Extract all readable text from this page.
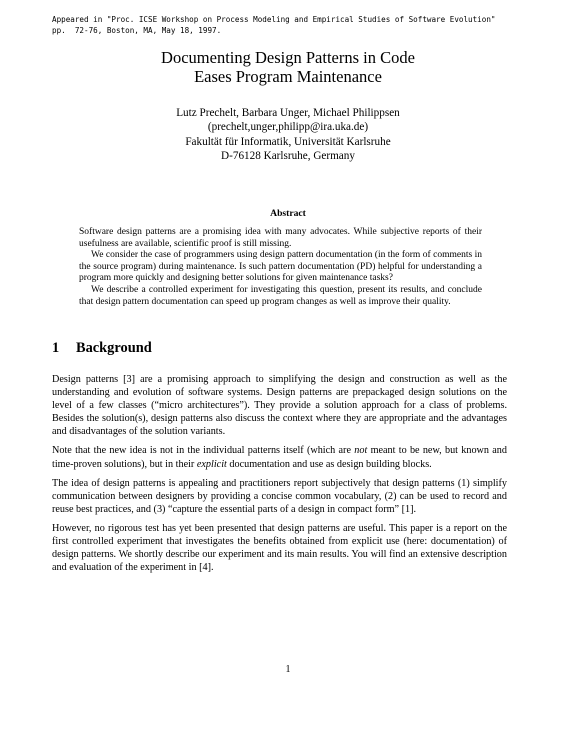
Appeared in "Proc. ICSE Workshop on Process Modeling and Empirical Studies of Software Evolution"
pp.  72-76, Boston, MA, May 18, 1997.
Documenting Design Patterns in Code
Eases Program Maintenance
Lutz Prechelt, Barbara Unger, Michael Philippsen
(prechelt,unger,philipp@ira.uka.de)
Fakultät für Informatik, Universität Karlsruhe
D-76128 Karlsruhe, Germany
Abstract

Software design patterns are a promising idea with many advocates. While subjective reports of their usefulness are available, scientific proof is still missing.

We consider the case of programmers using design pattern documentation (in the form of comments in the source program) during maintenance. Is such pattern documentation (PD) helpful for understanding a program more quickly and designing better solutions for given maintenance tasks?

We describe a controlled experiment for investigating this question, present its results, and conclude that design pattern documentation can speed up program changes as well as improve their quality.

1 Background

Design patterns [3] are a promising approach to simplifying the design and construction as well as the understanding and evolution of software systems. Design patterns are prepackaged design solutions on the level of a few classes (“micro architectures”). They provide a solution approach for a class of problems. Besides the solution(s), design patterns also discuss the context where they are appropriate and the advantages and disadvantages of the solution variants.

Note that the new idea is not in the individual patterns itself (which are not meant to be new, but known and time-proven solutions), but in their explicit documentation and use as design building blocks.

The idea of design patterns is appealing and practitioners report subjectively that design patterns (1) simplify communication between designers by providing a concise common vocabulary, (2) can be used to record and reuse best practices, and (3) “capture the essential parts of a design in compact form” [1].

However, no rigorous test has yet been presented that design patterns are useful. This paper is a report on the first controlled experiment that investigates the benefits obtained from explicit use (here: documentation) of design patterns. We shortly describe our experiment and its main results. You will find an extensive description and evaluation of the experiment in [4].

1
